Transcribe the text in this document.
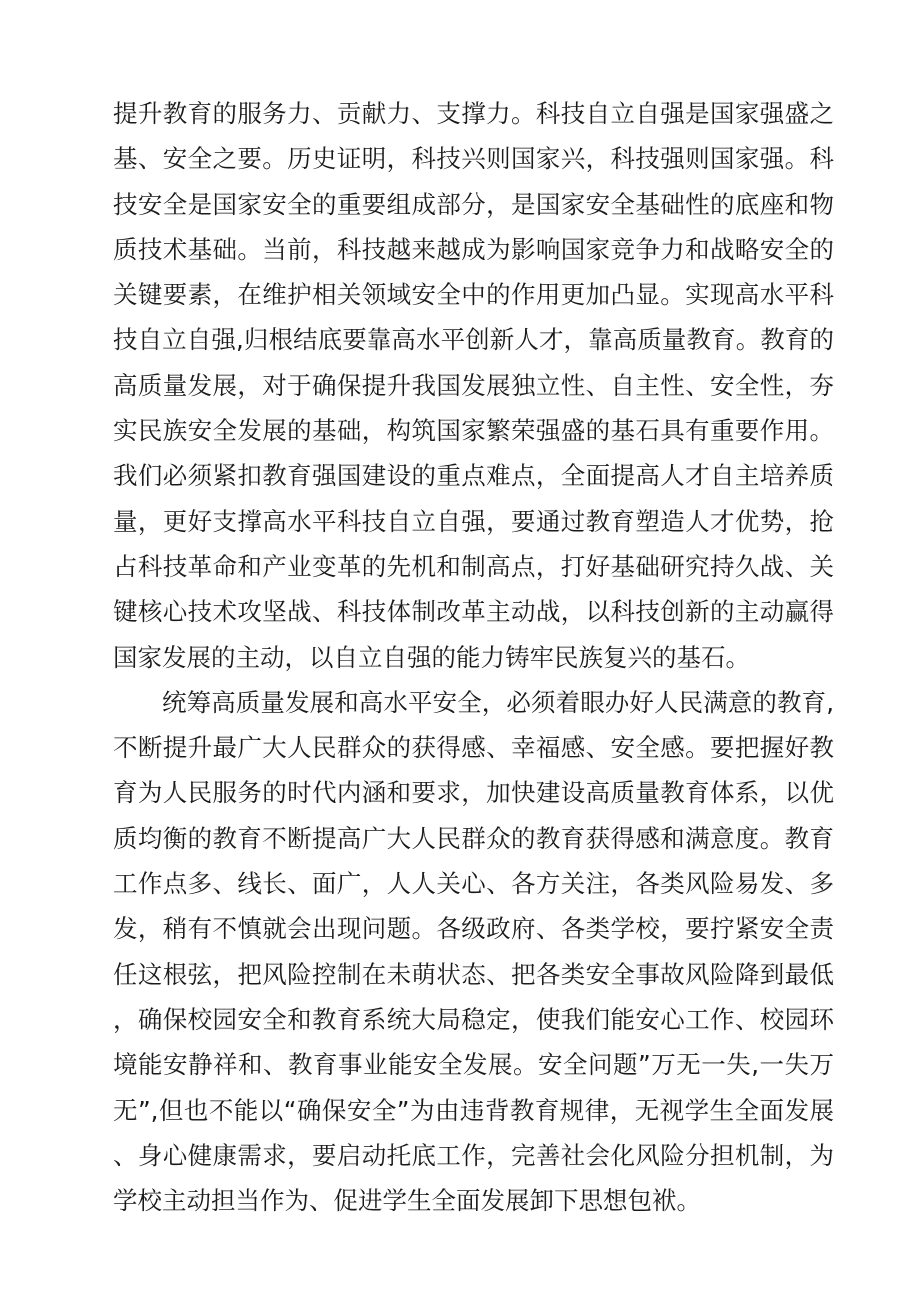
提升教育的服务力、贡献力、支撑力。科技自立自强是国家强盛之基、安全之要。历史证明，科技兴则国家兴，科技强则国家强。科技安全是国家安全的重要组成部分，是国家安全基础性的底座和物质技术基础。当前，科技越来越成为影响国家竞争力和战略安全的关键要素，在维护相关领域安全中的作用更加凸显。实现高水平科技自立自强,归根结底要靠高水平创新人才，靠高质量教育。教育的高质量发展，对于确保提升我国发展独立性、自主性、安全性，夯实民族安全发展的基础，构筑国家繁荣强盛的基石具有重要作用。我们必须紧扣教育强国建设的重点难点，全面提高人才自主培养质量，更好支撑高水平科技自立自强，要通过教育塑造人才优势，抢占科技革命和产业变革的先机和制高点，打好基础研究持久战、关键核心技术攻坚战、科技体制改革主动战，以科技创新的主动赢得国家发展的主动，以自立自强的能力铸牢民族复兴的基石。

统筹高质量发展和高水平安全，必须着眼办好人民满意的教育,不断提升最广大人民群众的获得感、幸福感、安全感。要把握好教育为人民服务的时代内涵和要求，加快建设高质量教育体系，以优质均衡的教育不断提高广大人民群众的教育获得感和满意度。教育工作点多、线长、面广，人人关心、各方关注，各类风险易发、多发，稍有不慎就会出现问题。各级政府、各类学校，要拧紧安全责任这根弦，把风险控制在未萌状态、把各类安全事故风险降到最低，确保校园安全和教育系统大局稳定，使我们能安心工作、校园环境能安静祥和、教育事业能安全发展。安全问题”万无一失,一失万无”,但也不能以“确保安全”为由违背教育规律，无视学生全面发展、身心健康需求，要启动托底工作，完善社会化风险分担机制，为学校主动担当作为、促进学生全面发展卸下思想包袱。
